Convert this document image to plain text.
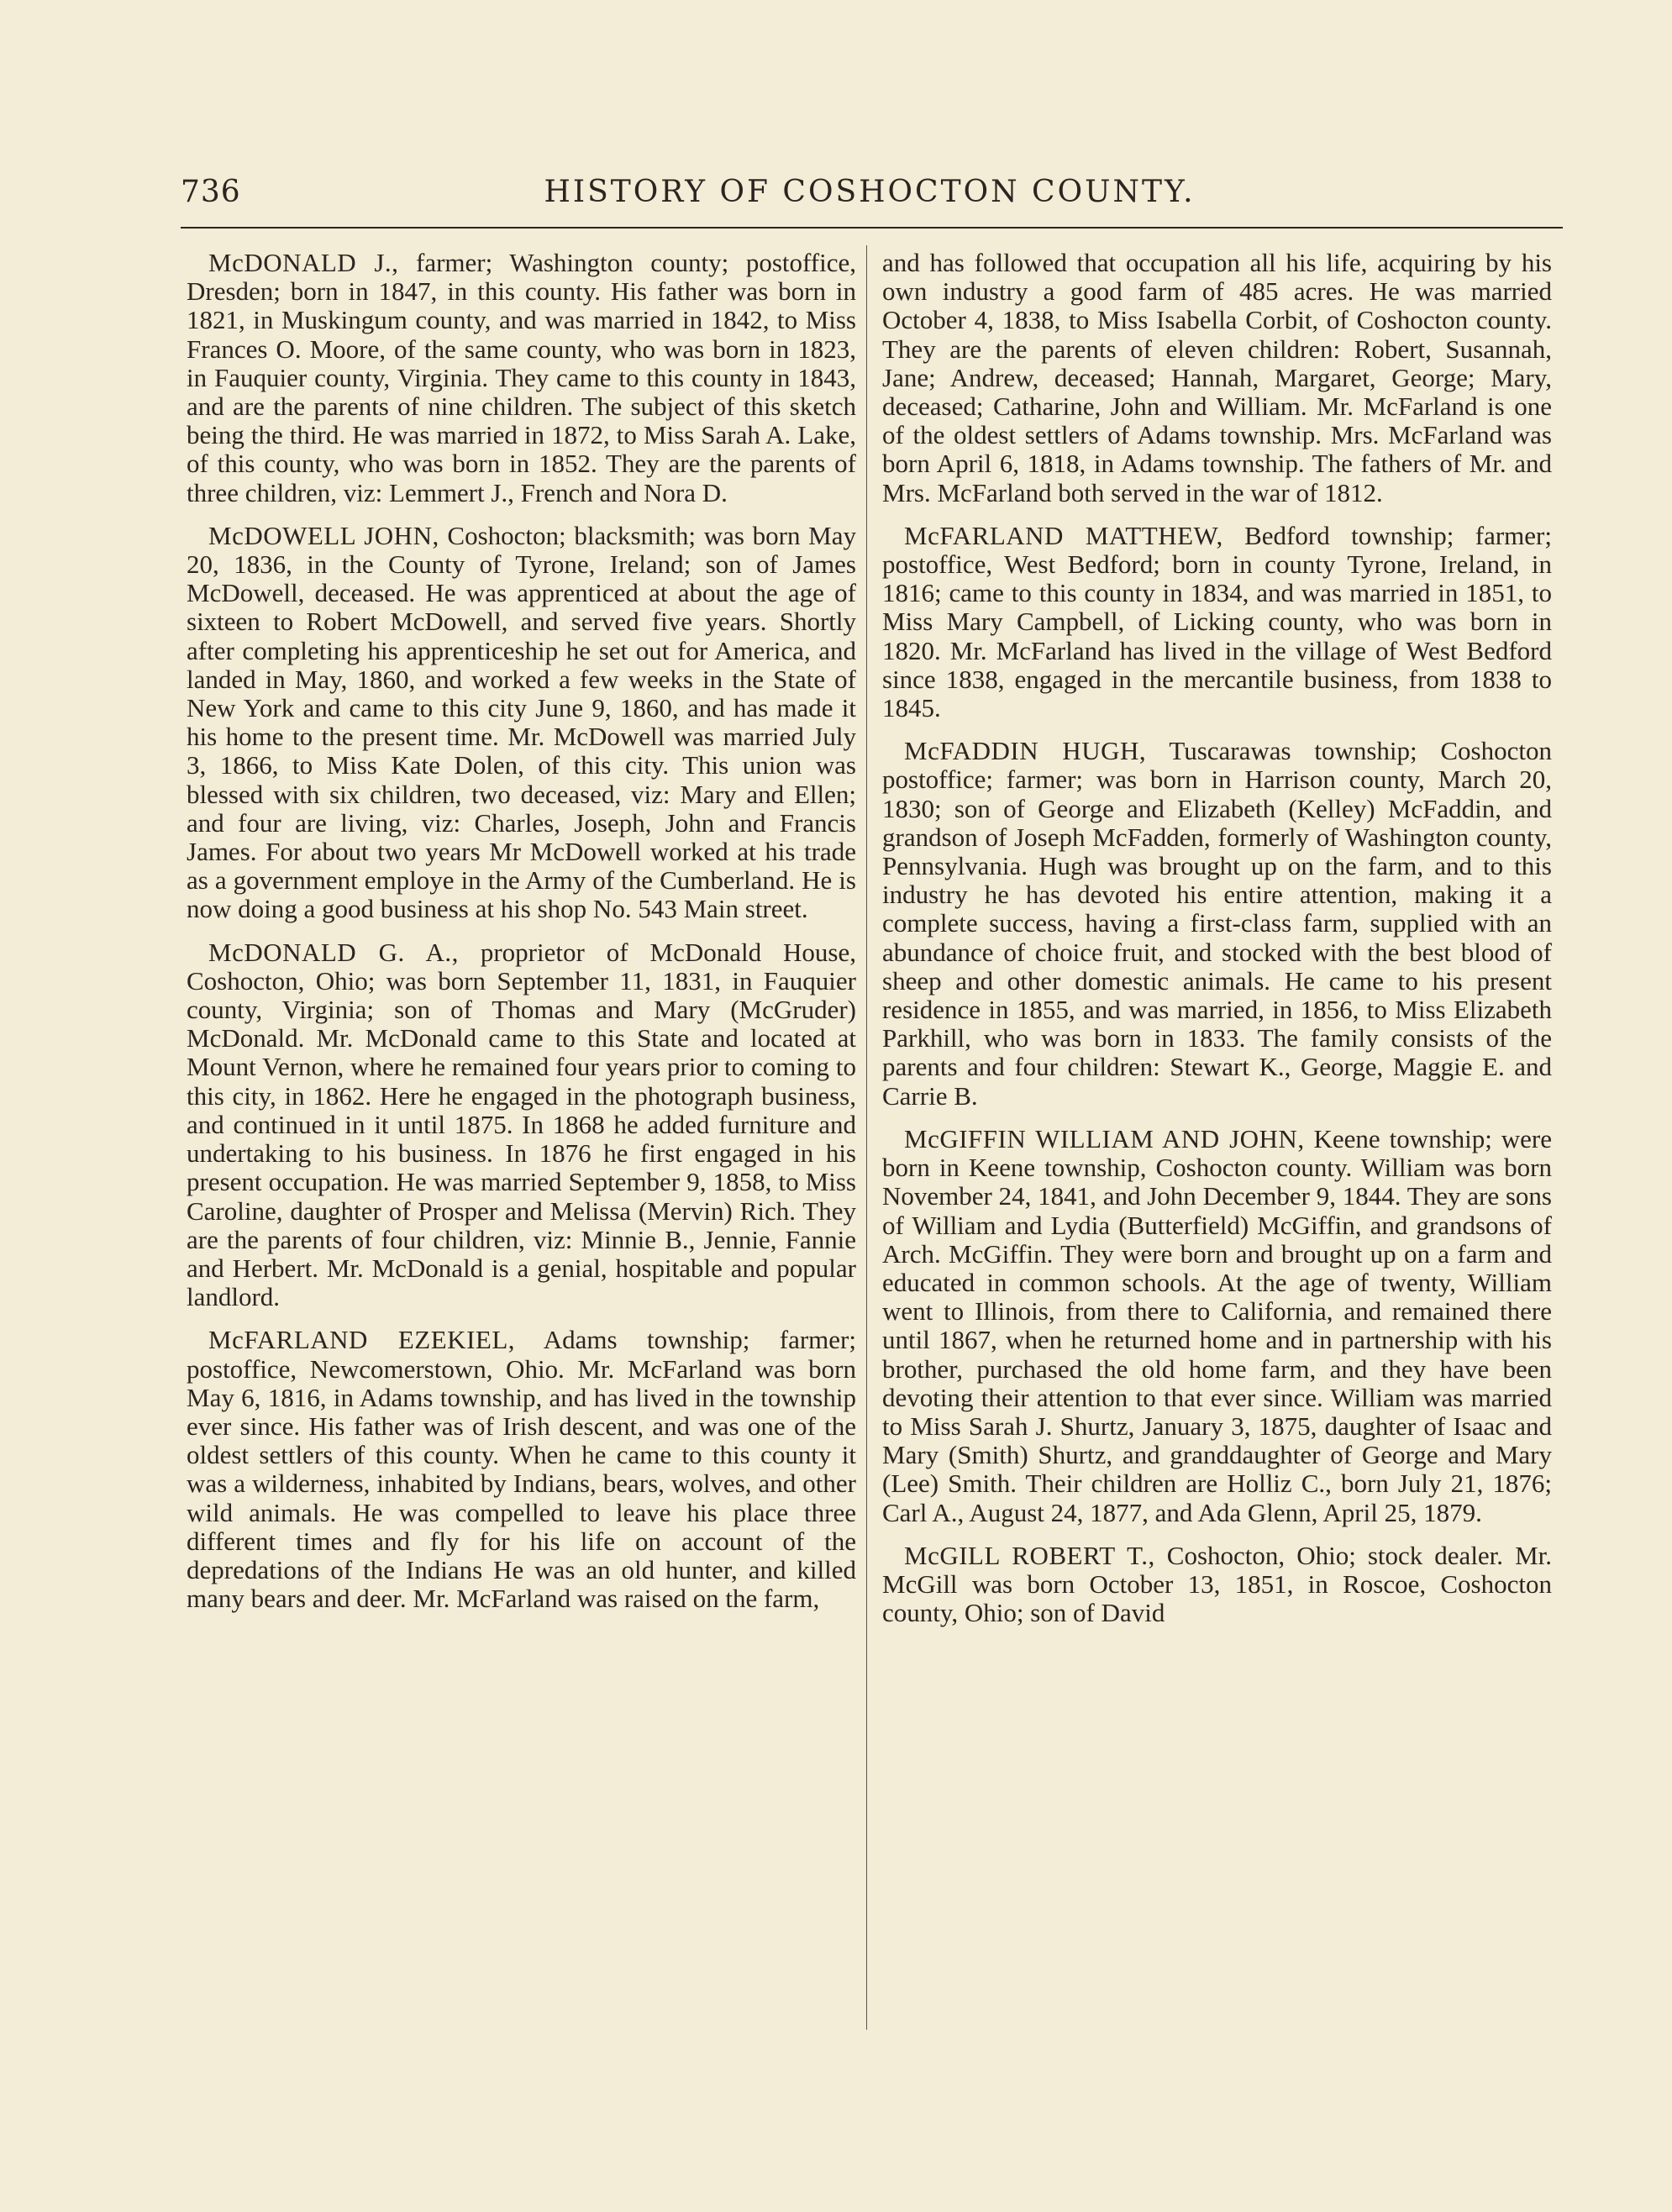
736	HISTORY OF COSHOCTON COUNTY.

McDONALD J., farmer; Washington county; postoffice, Dresden; born in 1847, in this county. His father was born in 1821, in Muskingum county, and was married in 1842, to Miss Frances O. Moore, of the same county, who was born in 1823, in Fauquier county, Virginia. They came to this county in 1843, and are the parents of nine children. The subject of this sketch being the third. He was married in 1872, to Miss Sarah A. Lake, of this county, who was born in 1852. They are the parents of three children, viz: Lemmert J., French and Nora D.

McDOWELL JOHN, Coshocton; blacksmith; was born May 20, 1836, in the County of Tyrone, Ireland; son of James McDowell, deceased. He was apprenticed at about the age of sixteen to Robert McDowell, and served five years. Shortly after completing his apprenticeship he set out for America, and landed in May, 1860, and worked a few weeks in the State of New York and came to this city June 9, 1860, and has made it his home to the present time. Mr. McDowell was married July 3, 1866, to Miss Kate Dolen, of this city. This union was blessed with six children, two deceased, viz: Mary and Ellen; and four are living, viz: Charles, Joseph, John and Francis James. For about two years Mr McDowell worked at his trade as a government employe in the Army of the Cumberland. He is now doing a good business at his shop No. 543 Main street.

McDONALD G. A., proprietor of McDonald House, Coshocton, Ohio; was born September 11, 1831, in Fauquier county, Virginia; son of Thomas and Mary (McGruder) McDonald. Mr. McDonald came to this State and located at Mount Vernon, where he remained four years prior to coming to this city, in 1862. Here he engaged in the photograph business, and continued in it until 1875. In 1868 he added furniture and undertaking to his business. In 1876 he first engaged in his present occupation. He was married September 9, 1858, to Miss Caroline, daughter of Prosper and Melissa (Mervin) Rich. They are the parents of four children, viz: Minnie B., Jennie, Fannie and Herbert. Mr. McDonald is a genial, hospitable and popular landlord.

McFARLAND EZEKIEL, Adams township; farmer; postoffice, Newcomerstown, Ohio. Mr. McFarland was born May 6, 1816, in Adams township, and has lived in the township ever since. His father was of Irish descent, and was one of the oldest settlers of this county. When he came to this county it was a wilderness, inhabited by Indians, bears, wolves, and other wild animals. He was compelled to leave his place three different times and fly for his life on account of the depredations of the Indians He was an old hunter, and killed many bears and deer. Mr. McFarland was raised on the farm,

and has followed that occupation all his life, acquiring by his own industry a good farm of 485 acres. He was married October 4, 1838, to Miss Isabella Corbit, of Coshocton county. They are the parents of eleven children: Robert, Susannah, Jane; Andrew, deceased; Hannah, Margaret, George; Mary, deceased; Catharine, John and William. Mr. McFarland is one of the oldest settlers of Adams township. Mrs. McFarland was born April 6, 1818, in Adams township. The fathers of Mr. and Mrs. McFarland both served in the war of 1812.

McFARLAND MATTHEW, Bedford township; farmer; postoffice, West Bedford; born in county Tyrone, Ireland, in 1816; came to this county in 1834, and was married in 1851, to Miss Mary Campbell, of Licking county, who was born in 1820. Mr. McFarland has lived in the village of West Bedford since 1838, engaged in the mercantile business, from 1838 to 1845.

McFADDIN HUGH, Tuscarawas township; Coshocton postoffice; farmer; was born in Harrison county, March 20, 1830; son of George and Elizabeth (Kelley) McFaddin, and grandson of Joseph McFadden, formerly of Washington county, Pennsylvania. Hugh was brought up on the farm, and to this industry he has devoted his entire attention, making it a complete success, having a first-class farm, supplied with an abundance of choice fruit, and stocked with the best blood of sheep and other domestic animals. He came to his present residence in 1855, and was married, in 1856, to Miss Elizabeth Parkhill, who was born in 1833. The family consists of the parents and four children: Stewart K., George, Maggie E. and Carrie B.

McGIFFIN WILLIAM AND JOHN, Keene township; were born in Keene township, Coshocton county. William was born November 24, 1841, and John December 9, 1844. They are sons of William and Lydia (Butterfield) McGiffin, and grandsons of Arch. McGiffin. They were born and brought up on a farm and educated in common schools. At the age of twenty, William went to Illinois, from there to California, and remained there until 1867, when he returned home and in partnership with his brother, purchased the old home farm, and they have been devoting their attention to that ever since. William was married to Miss Sarah J. Shurtz, January 3, 1875, daughter of Isaac and Mary (Smith) Shurtz, and granddaughter of George and Mary (Lee) Smith. Their children are Holliz C., born July 21, 1876; Carl A., August 24, 1877, and Ada Glenn, April 25, 1879.

McGILL ROBERT T., Coshocton, Ohio; stock dealer. Mr. McGill was born October 13, 1851, in Roscoe, Coshocton county, Ohio; son of David
